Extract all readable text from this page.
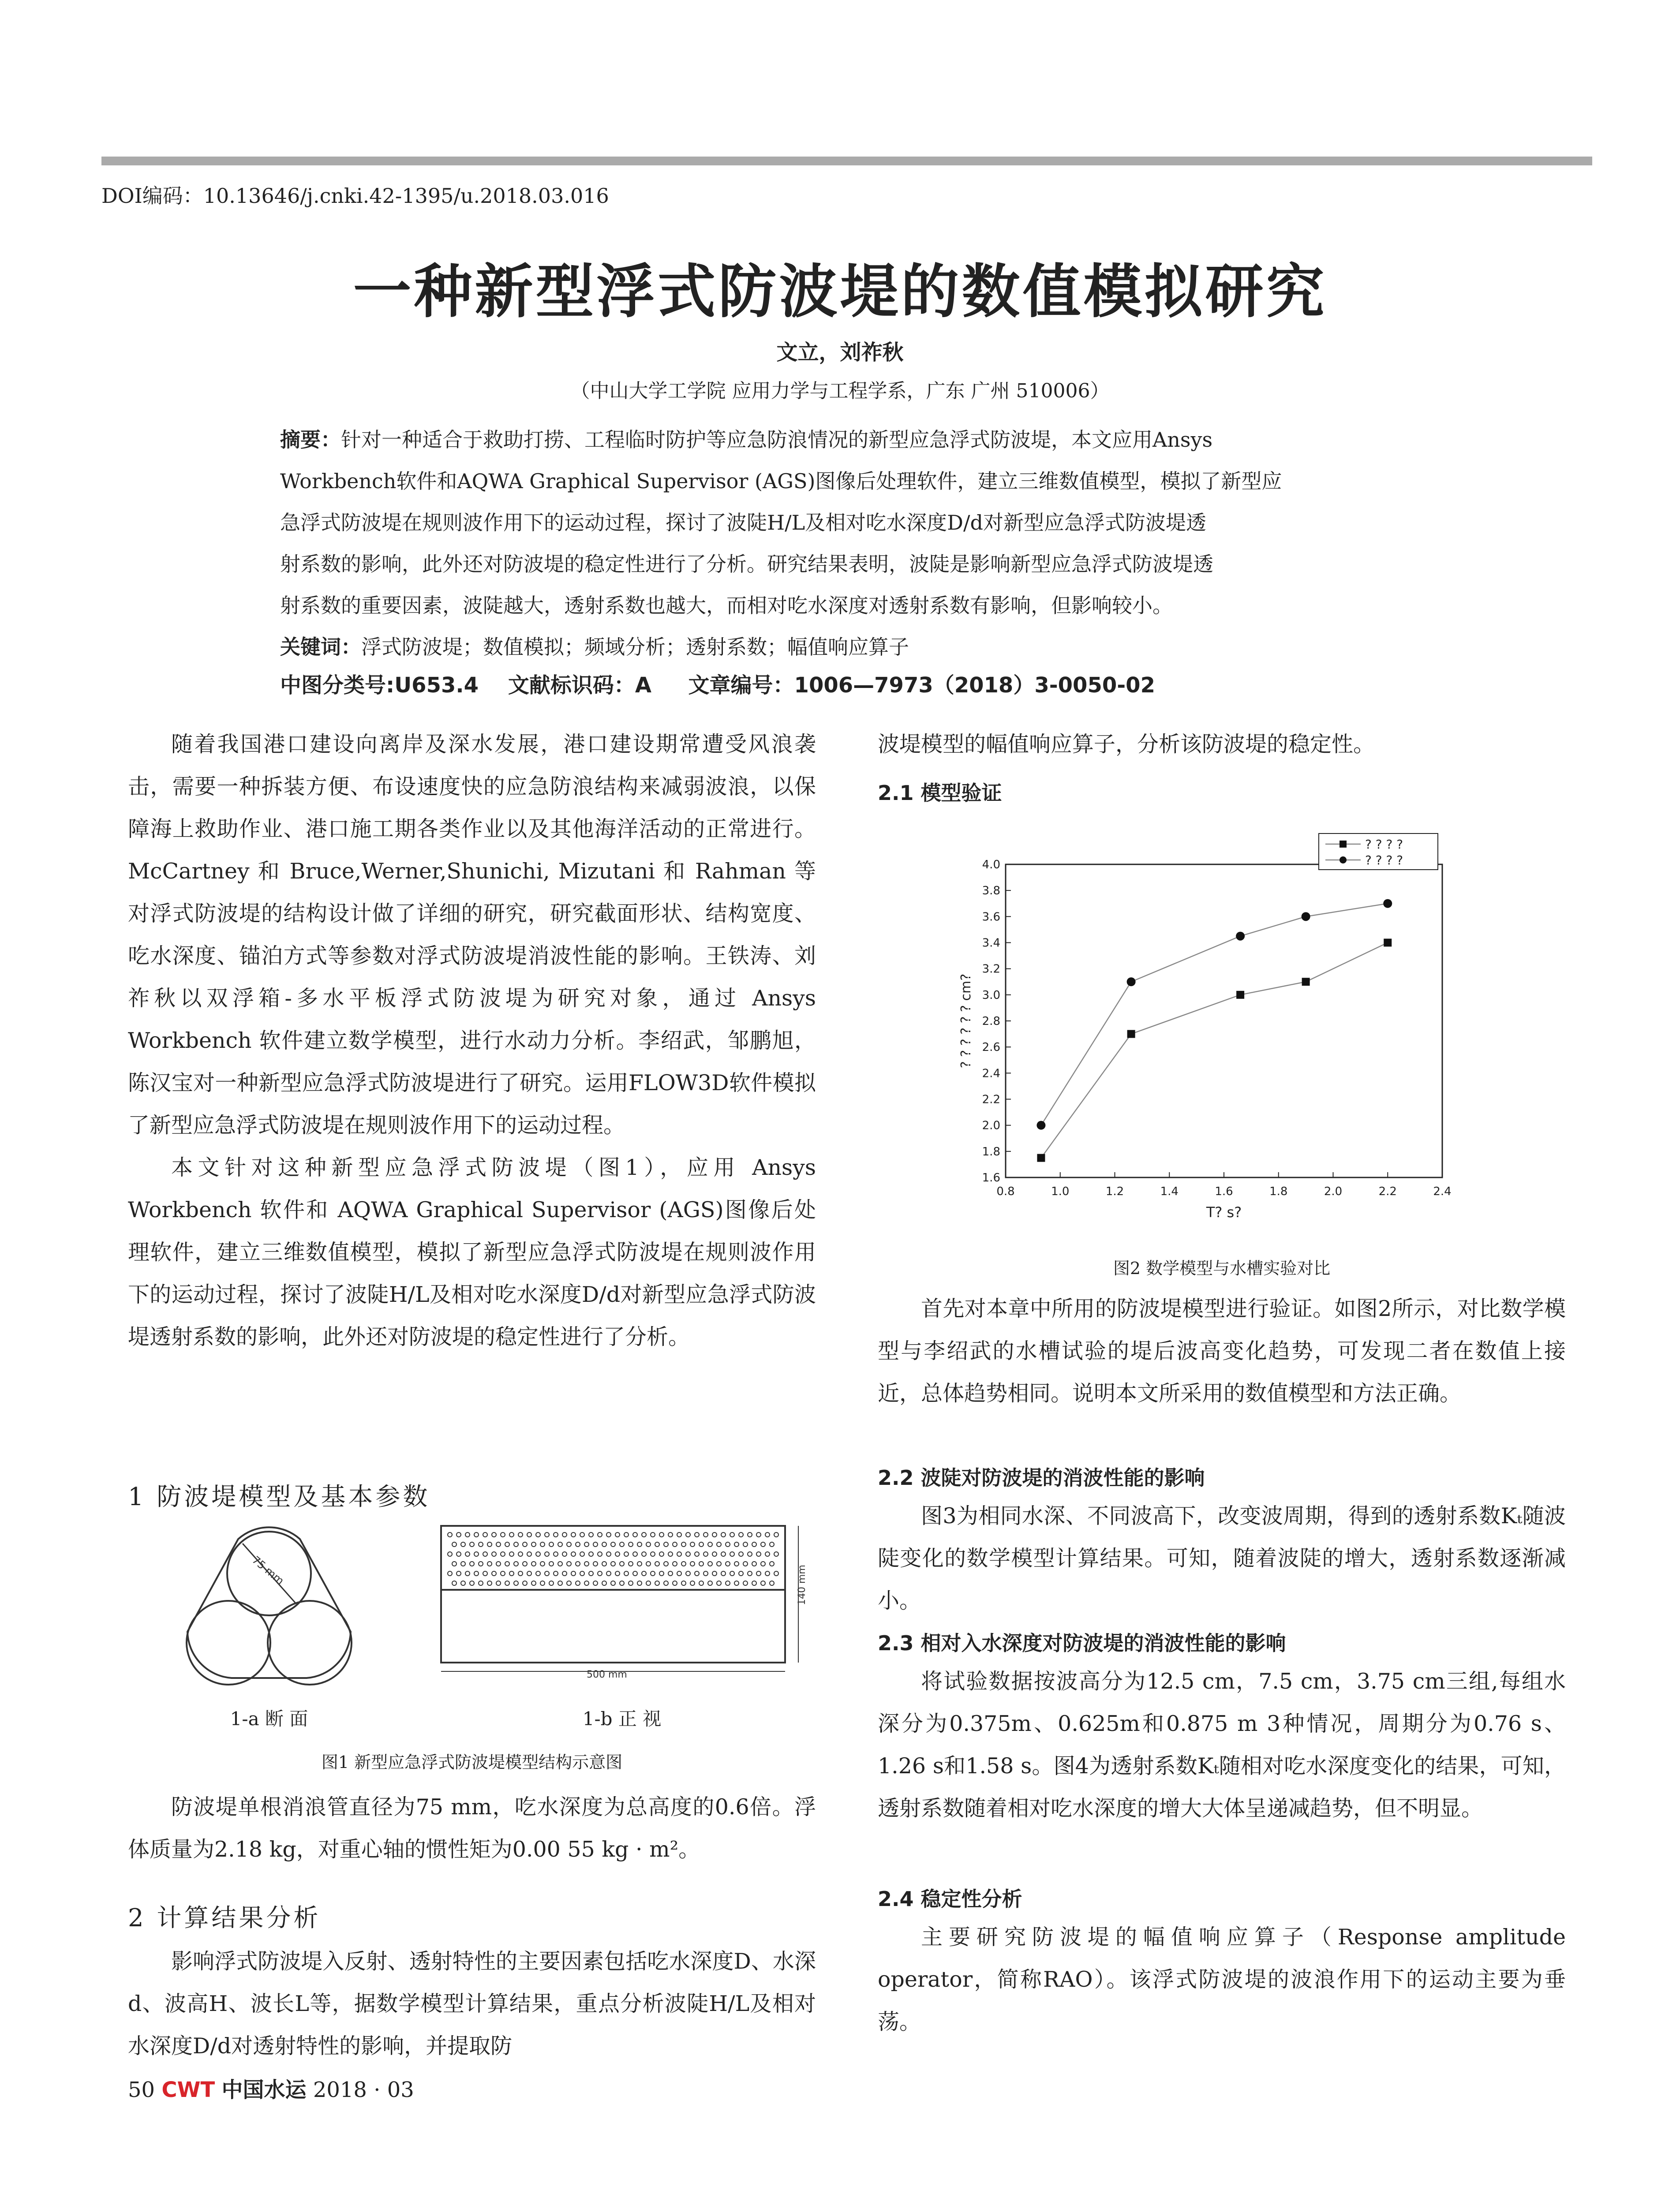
DOI编码：10.13646/j.cnki.42-1395/u.2018.03.016
一种新型浮式防波堤的数值模拟研究
文立，刘祚秋
（中山大学工学院 应用力学与工程学系，广东 广州 510006）
摘要：针对一种适合于救助打捞、工程临时防护等应急防浪情况的新型应急浮式防波堤，本文应用Ansys
Workbench软件和AQWA Graphical Supervisor (AGS)图像后处理软件，建立三维数值模型，模拟了新型应
急浮式防波堤在规则波作用下的运动过程，探讨了波陡H/L及相对吃水深度D/d对新型应急浮式防波堤透
射系数的影响，此外还对防波堤的稳定性进行了分析。研究结果表明，波陡是影响新型应急浮式防波堤透
射系数的重要因素，波陡越大，透射系数也越大，而相对吃水深度对透射系数有影响，但影响较小。
关键词：浮式防波堤；数值模拟；频域分析；透射系数；幅值响应算子
中图分类号:U653.4    文献标识码：A     文章编号：1006—7973（2018）3-0050-02

随着我国港口建设向离岸及深水发展，港口建设期常遭受风浪袭击，需要一种拆装方便、布设速度快的应急防浪结构来减弱波浪，以保障海上救助作业、港口施工期各类作业以及其他海洋活动的正常进行。McCartney 和 Bruce,Werner,Shunichi, Mizutani 和 Rahman 等对浮式防波堤的结构设计做了详细的研究，研究截面形状、结构宽度、吃水深度、锚泊方式等参数对浮式防波堤消波性能的影响。王铁涛、刘祚秋以双浮箱-多水平板浮式防波堤为研究对象，通过 Ansys Workbench 软件建立数学模型，进行水动力分析。李绍武，邹鹏旭，陈汉宝对一种新型应急浮式防波堤进行了研究。运用FLOW3D软件模拟了新型应急浮式防波堤在规则波作用下的运动过程。

本文针对这种新型应急浮式防波堤（图1），应用 Ansys Workbench 软件和 AQWA Graphical Supervisor (AGS)图像后处理软件，建立三维数值模型，模拟了新型应急浮式防波堤在规则波作用下的运动过程，探讨了波陡H/L及相对吃水深度D/d对新型应急浮式防波堤透射系数的影响，此外还对防波堤的稳定性进行了分析。

1 防波堤模型及基本参数
75 mm	140 mm
500 mm
1-a 断 面	1-b 正 视
图1 新型应急浮式防波堤模型结构示意图

防波堤单根消浪管直径为75 mm，吃水深度为总高度的0.6倍。浮体质量为2.18 kg，对重心轴的惯性矩为0.00 55 kg · m²。

2 计算结果分析

影响浮式防波堤入反射、透射特性的主要因素包括吃水深度D、水深d、波高H、波长L等，据数学模型计算结果，重点分析波陡H/L及相对水深度D/d对透射特性的影响，并提取防

波堤模型的幅值响应算子，分析该防波堤的稳定性。

2.1 模型验证
0.8	1.0	1.2	1.4	1.6	1.8	2.0	2.2	2.4
1.6
1.8
2.0
2.2
2.4
2.6
2.8
3.0
3.2
3.4
3.6
3.8
4.0
? ? ? ?
? ? ? ?
T? s?
? ? ? ? ? ? cm?
图2 数学模型与水槽实验对比

首先对本章中所用的防波堤模型进行验证。如图2所示，对比数学模型与李绍武的水槽试验的堤后波高变化趋势，可发现二者在数值上接近，总体趋势相同。说明本文所采用的数值模型和方法正确。

2.2 波陡对防波堤的消波性能的影响

图3为相同水深、不同波高下，改变波周期，得到的透射系数Kₜ随波陡变化的数学模型计算结果。可知，随着波陡的增大，透射系数逐渐减小。

2.3 相对入水深度对防波堤的消波性能的影响

将试验数据按波高分为12.5 cm，7.5 cm，3.75 cm三组,每组水深分为0.375m、0.625m和0.875 m 3种情况，周期分为0.76 s、1.26 s和1.58 s。图4为透射系数Kₜ随相对吃水深度变化的结果，可知，透射系数随着相对吃水深度的增大大体呈递减趋势，但不明显。

2.4 稳定性分析

主要研究防波堤的幅值响应算子（Response amplitude operator，简称RAO）。该浮式防波堤的波浪作用下的运动主要为垂荡。

50 CWT 中国水运 2018 · 03
